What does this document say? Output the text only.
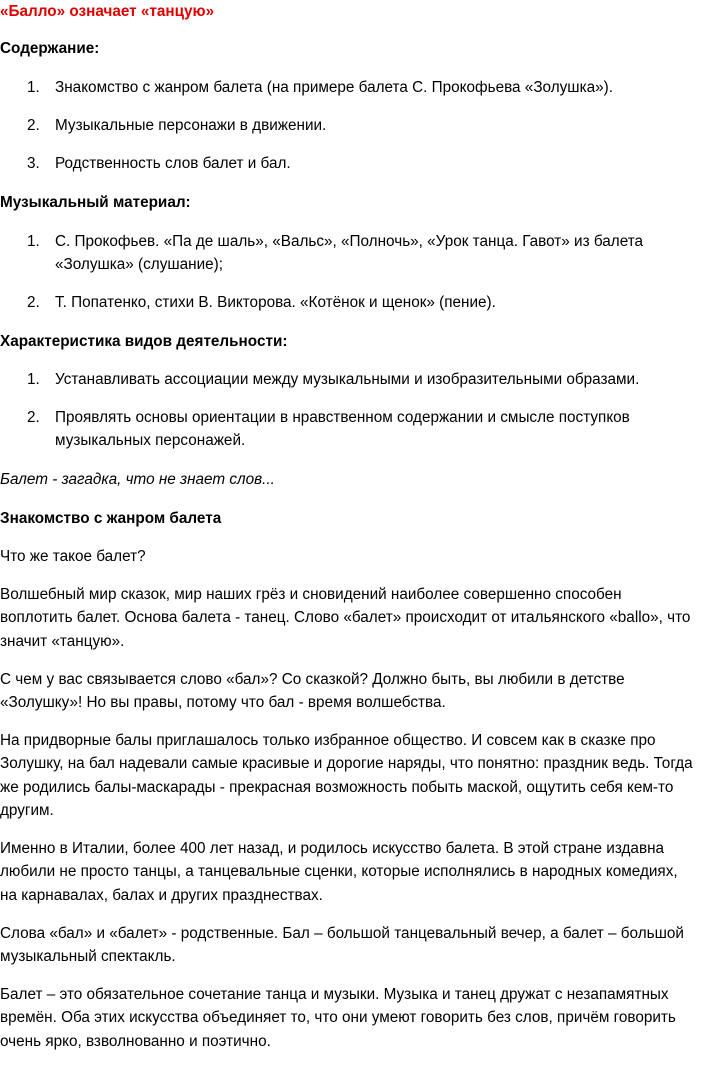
«Балло» означает «танцую»
Содержание:
1. Знакомство с жанром балета (на примере балета С. Прокофьева «Золушка»).
2. Музыкальные персонажи в движении.
3. Родственность слов балет и бал.
Музыкальный материал:
1. С. Прокофьев. «Па де шаль», «Вальс», «Полночь», «Урок танца. Гавот» из балета «Золушка» (слушание);
2. Т. Попатенко, стихи В. Викторова. «Котёнок и щенок» (пение).
Характеристика видов деятельности:
1. Устанавливать ассоциации между музыкальными и изобразительными образами.
2. Проявлять основы ориентации в нравственном содержании и смысле поступков музыкальных персонажей.
Балет - загадка, что не знает слов...
Знакомство с жанром балета
Что же такое балет?
Волшебный мир сказок, мир наших грёз и сновидений наиболее совершенно способен воплотить балет. Основа балета - танец. Слово «балет» происходит от итальянского «ballo», что значит «танцую».
С чем у вас связывается слово «бал»? Со сказкой? Должно быть, вы любили в детстве «Золушку»! Но вы правы, потому что бал - время волшебства.
На придворные балы приглашалось только избранное общество. И совсем как в сказке про Золушку, на бал надевали самые красивые и дорогие наряды, что понятно: праздник ведь. Тогда же родились балы-маскарады - прекрасная возможность побыть маской, ощутить себя кем-то другим.
Именно в Италии, более 400 лет назад, и родилось искусство балета. В этой стране издавна любили не просто танцы, а танцевальные сценки, которые исполнялись в народных комедиях, на карнавалах, балах и других празднествах.
Слова «бал» и «балет» - родственные. Бал – большой танцевальный вечер, а балет – большой музыкальный спектакль.
Балет – это обязательное сочетание танца и музыки. Музыка и танец дружат с незапамятных времён. Оба этих искусства объединяет то, что они умеют говорить без слов, причём говорить очень ярко, взволнованно и поэтично.
